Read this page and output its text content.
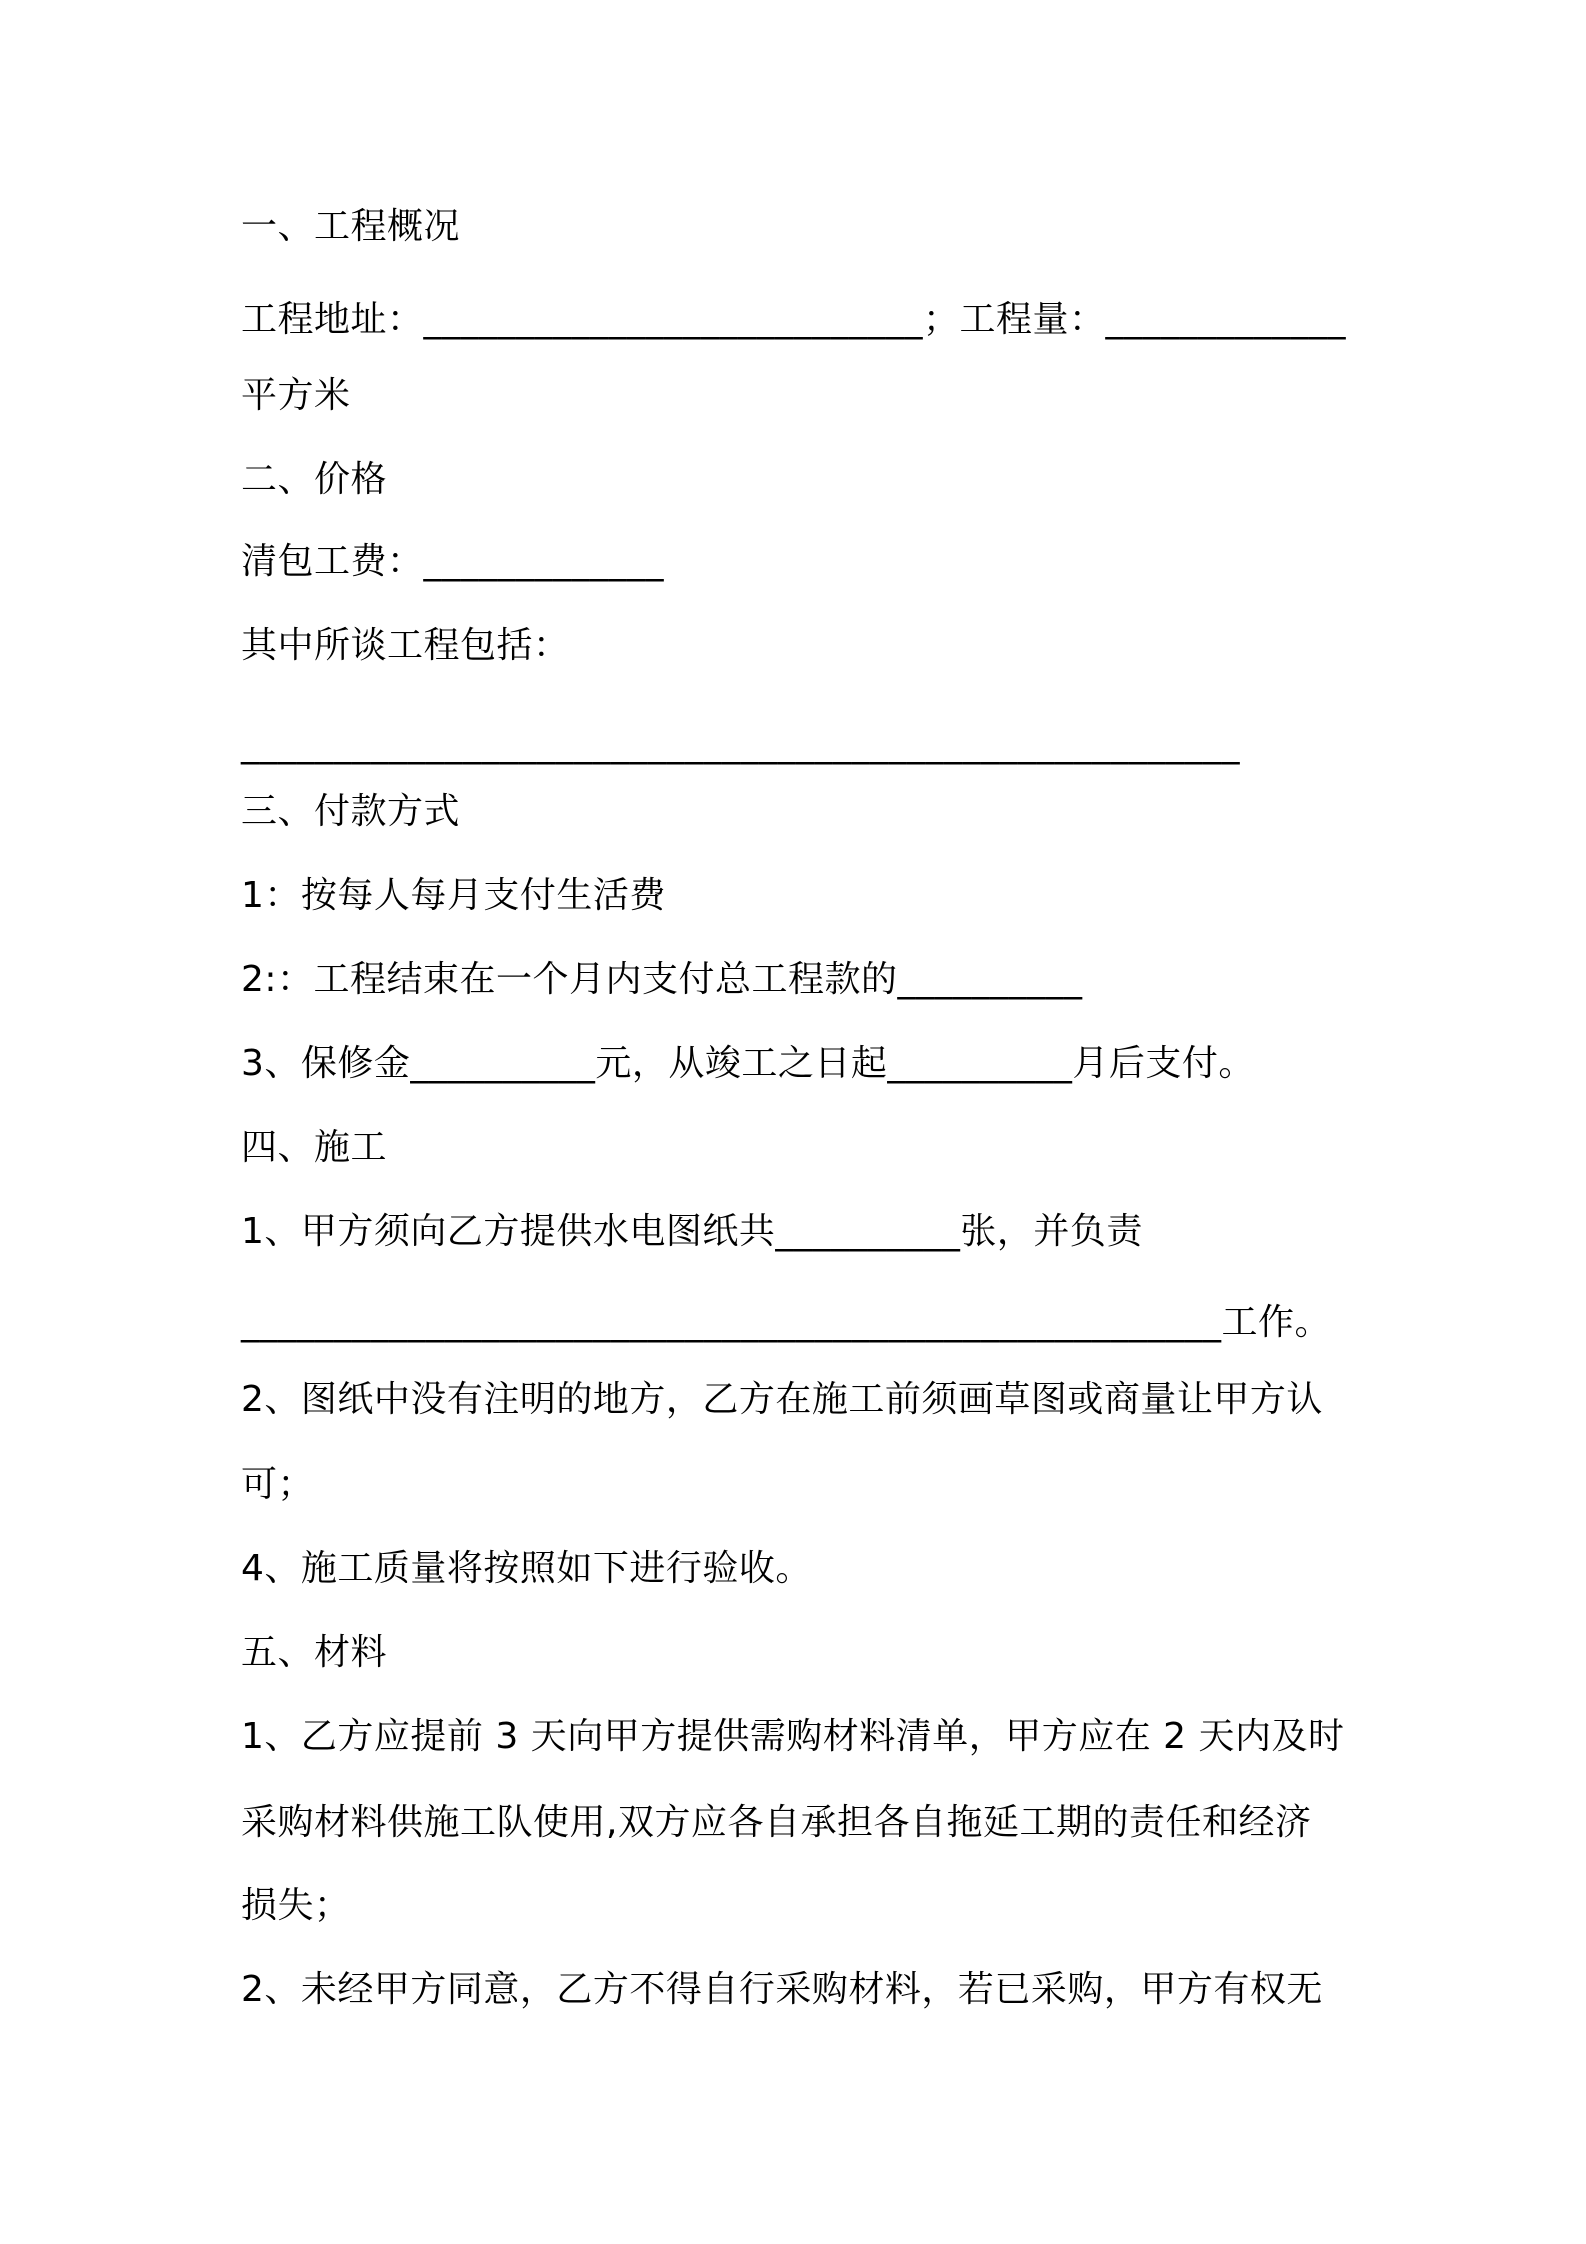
一、工程概况
工程地址：___________________________；工程量：_____________
平方米
二、价格
清包工费：_____________
其中所谈工程包括：
______________________________________________________
三、付款方式
1：按每人每月支付生活费
2:：工程结束在一个月内支付总工程款的__________
3、保修金__________元，从竣工之日起__________月后支付。
四、施工
1、甲方须向乙方提供水电图纸共__________张，并负责
_____________________________________________________工作。
2、图纸中没有注明的地方，乙方在施工前须画草图或商量让甲方认
可；
4、施工质量将按照如下进行验收。
五、材料
1、乙方应提前 3 天向甲方提供需购材料清单，甲方应在 2 天内及时
采购材料供施工队使用,双方应各自承担各自拖延工期的责任和经济
损失；
2、未经甲方同意，乙方不得自行采购材料，若已采购，甲方有权无
